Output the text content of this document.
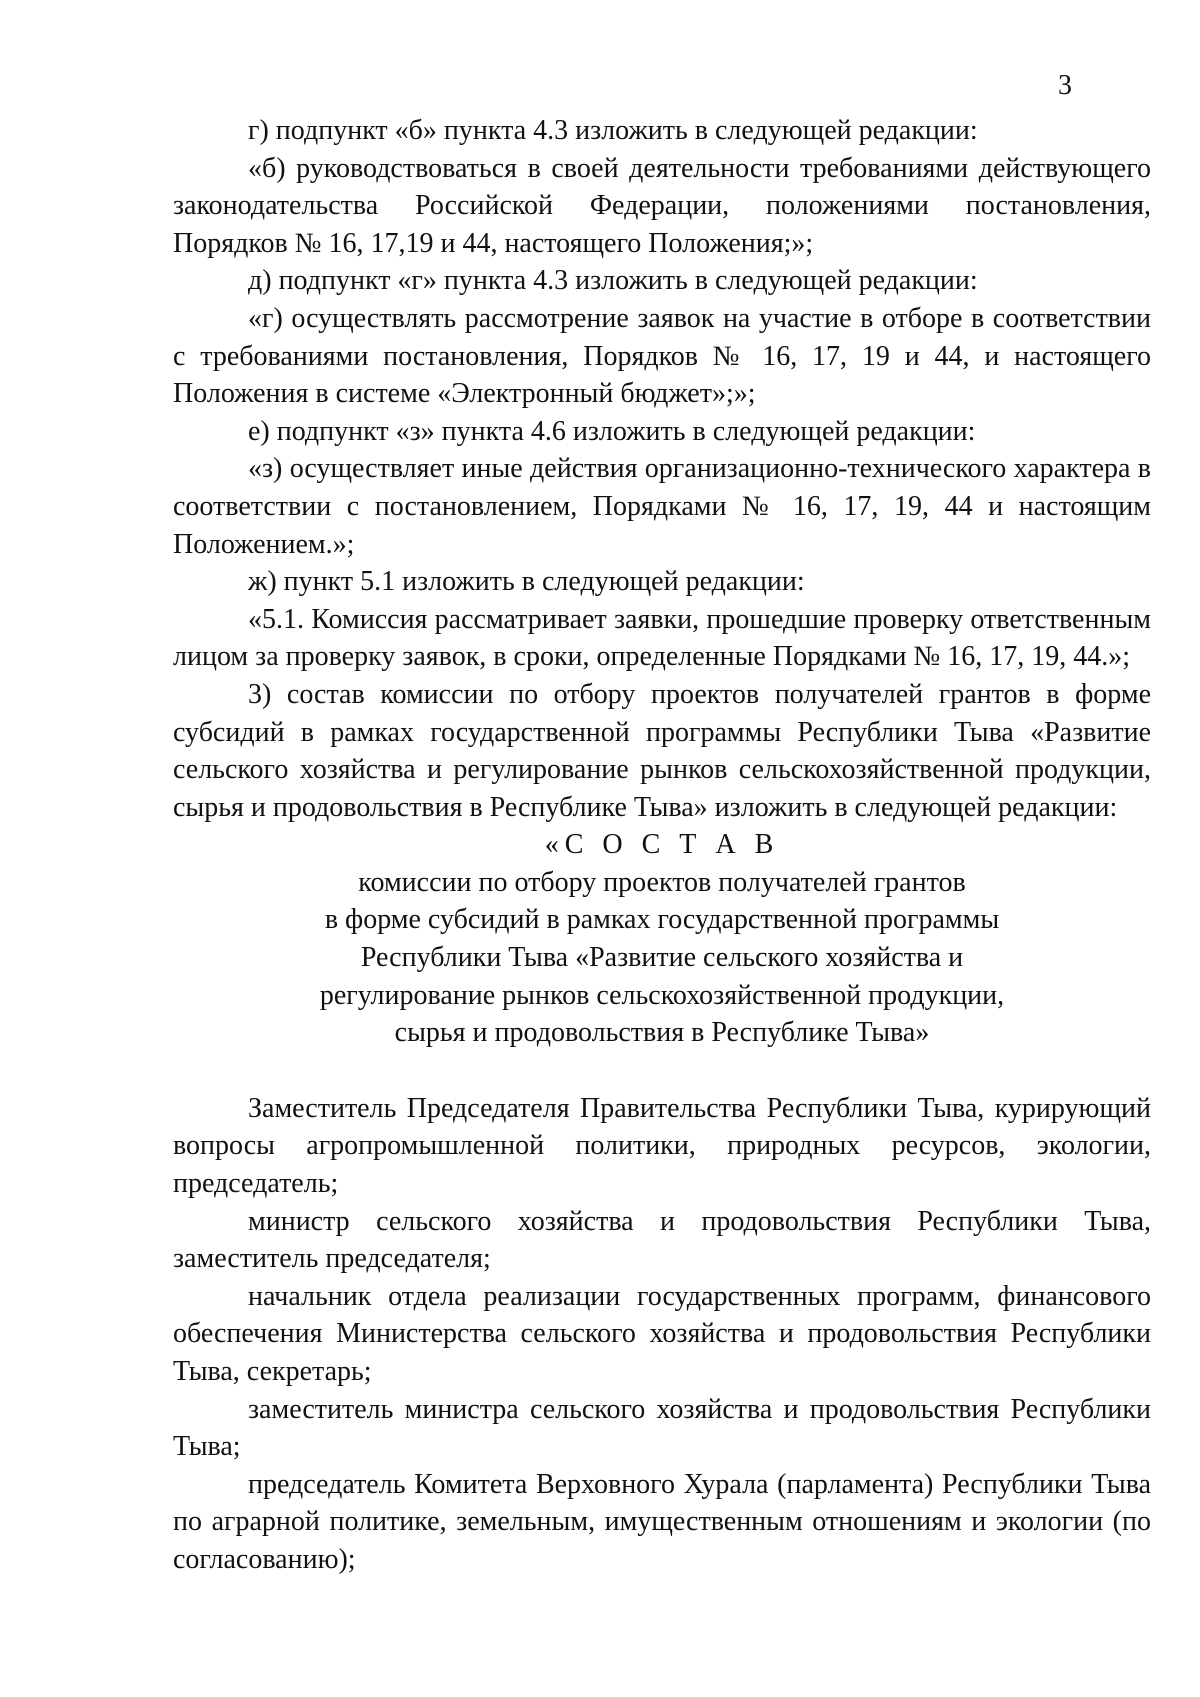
3

г) подпункт «б» пункта 4.3 изложить в следующей редакции:

«б) руководствоваться в своей деятельности требованиями действующего законодательства Российской Федерации, положениями постановления, Порядков № 16, 17,19 и 44, настоящего Положения;»;

д) подпункт «г» пункта 4.3 изложить в следующей редакции:

«г) осуществлять рассмотрение заявок на участие в отборе в соответствии с требованиями постановления, Порядков № 16, 17, 19 и 44, и настоящего Положения в системе «Электронный бюджет»;»;

е) подпункт «з» пункта 4.6 изложить в следующей редакции:

«з) осуществляет иные действия организационно-технического характера в соответствии с постановлением, Порядками № 16, 17, 19, 44 и настоящим Положением.»;

ж) пункт 5.1 изложить в следующей редакции:

«5.1. Комиссия рассматривает заявки, прошедшие проверку ответственным лицом за проверку заявок, в сроки, определенные Порядками № 16, 17, 19, 44.»;

3) состав комиссии по отбору проектов получателей грантов в форме субсидий в рамках государственной программы Республики Тыва «Развитие сельского хозяйства и регулирование рынков сельскохозяйственной продукции, сырья и продовольствия в Республике Тыва» изложить в следующей редакции:

«С О С Т А В

комиссии по отбору проектов получателей грантов

в форме субсидий в рамках государственной программы

Республики Тыва «Развитие сельского хозяйства и

регулирование рынков сельскохозяйственной продукции,

сырья и продовольствия в Республике Тыва»

Заместитель Председателя Правительства Республики Тыва, курирующий вопросы агропромышленной политики, природных ресурсов, экологии, председатель;

министр сельского хозяйства и продовольствия Республики Тыва, заместитель председателя;

начальник отдела реализации государственных программ, финансового обеспечения Министерства сельского хозяйства и продовольствия Республики Тыва, секретарь;

заместитель министра сельского хозяйства и продовольствия Республики Тыва;

председатель Комитета Верховного Хурала (парламента) Республики Тыва по аграрной политике, земельным, имущественным отношениям и экологии (по согласованию);
